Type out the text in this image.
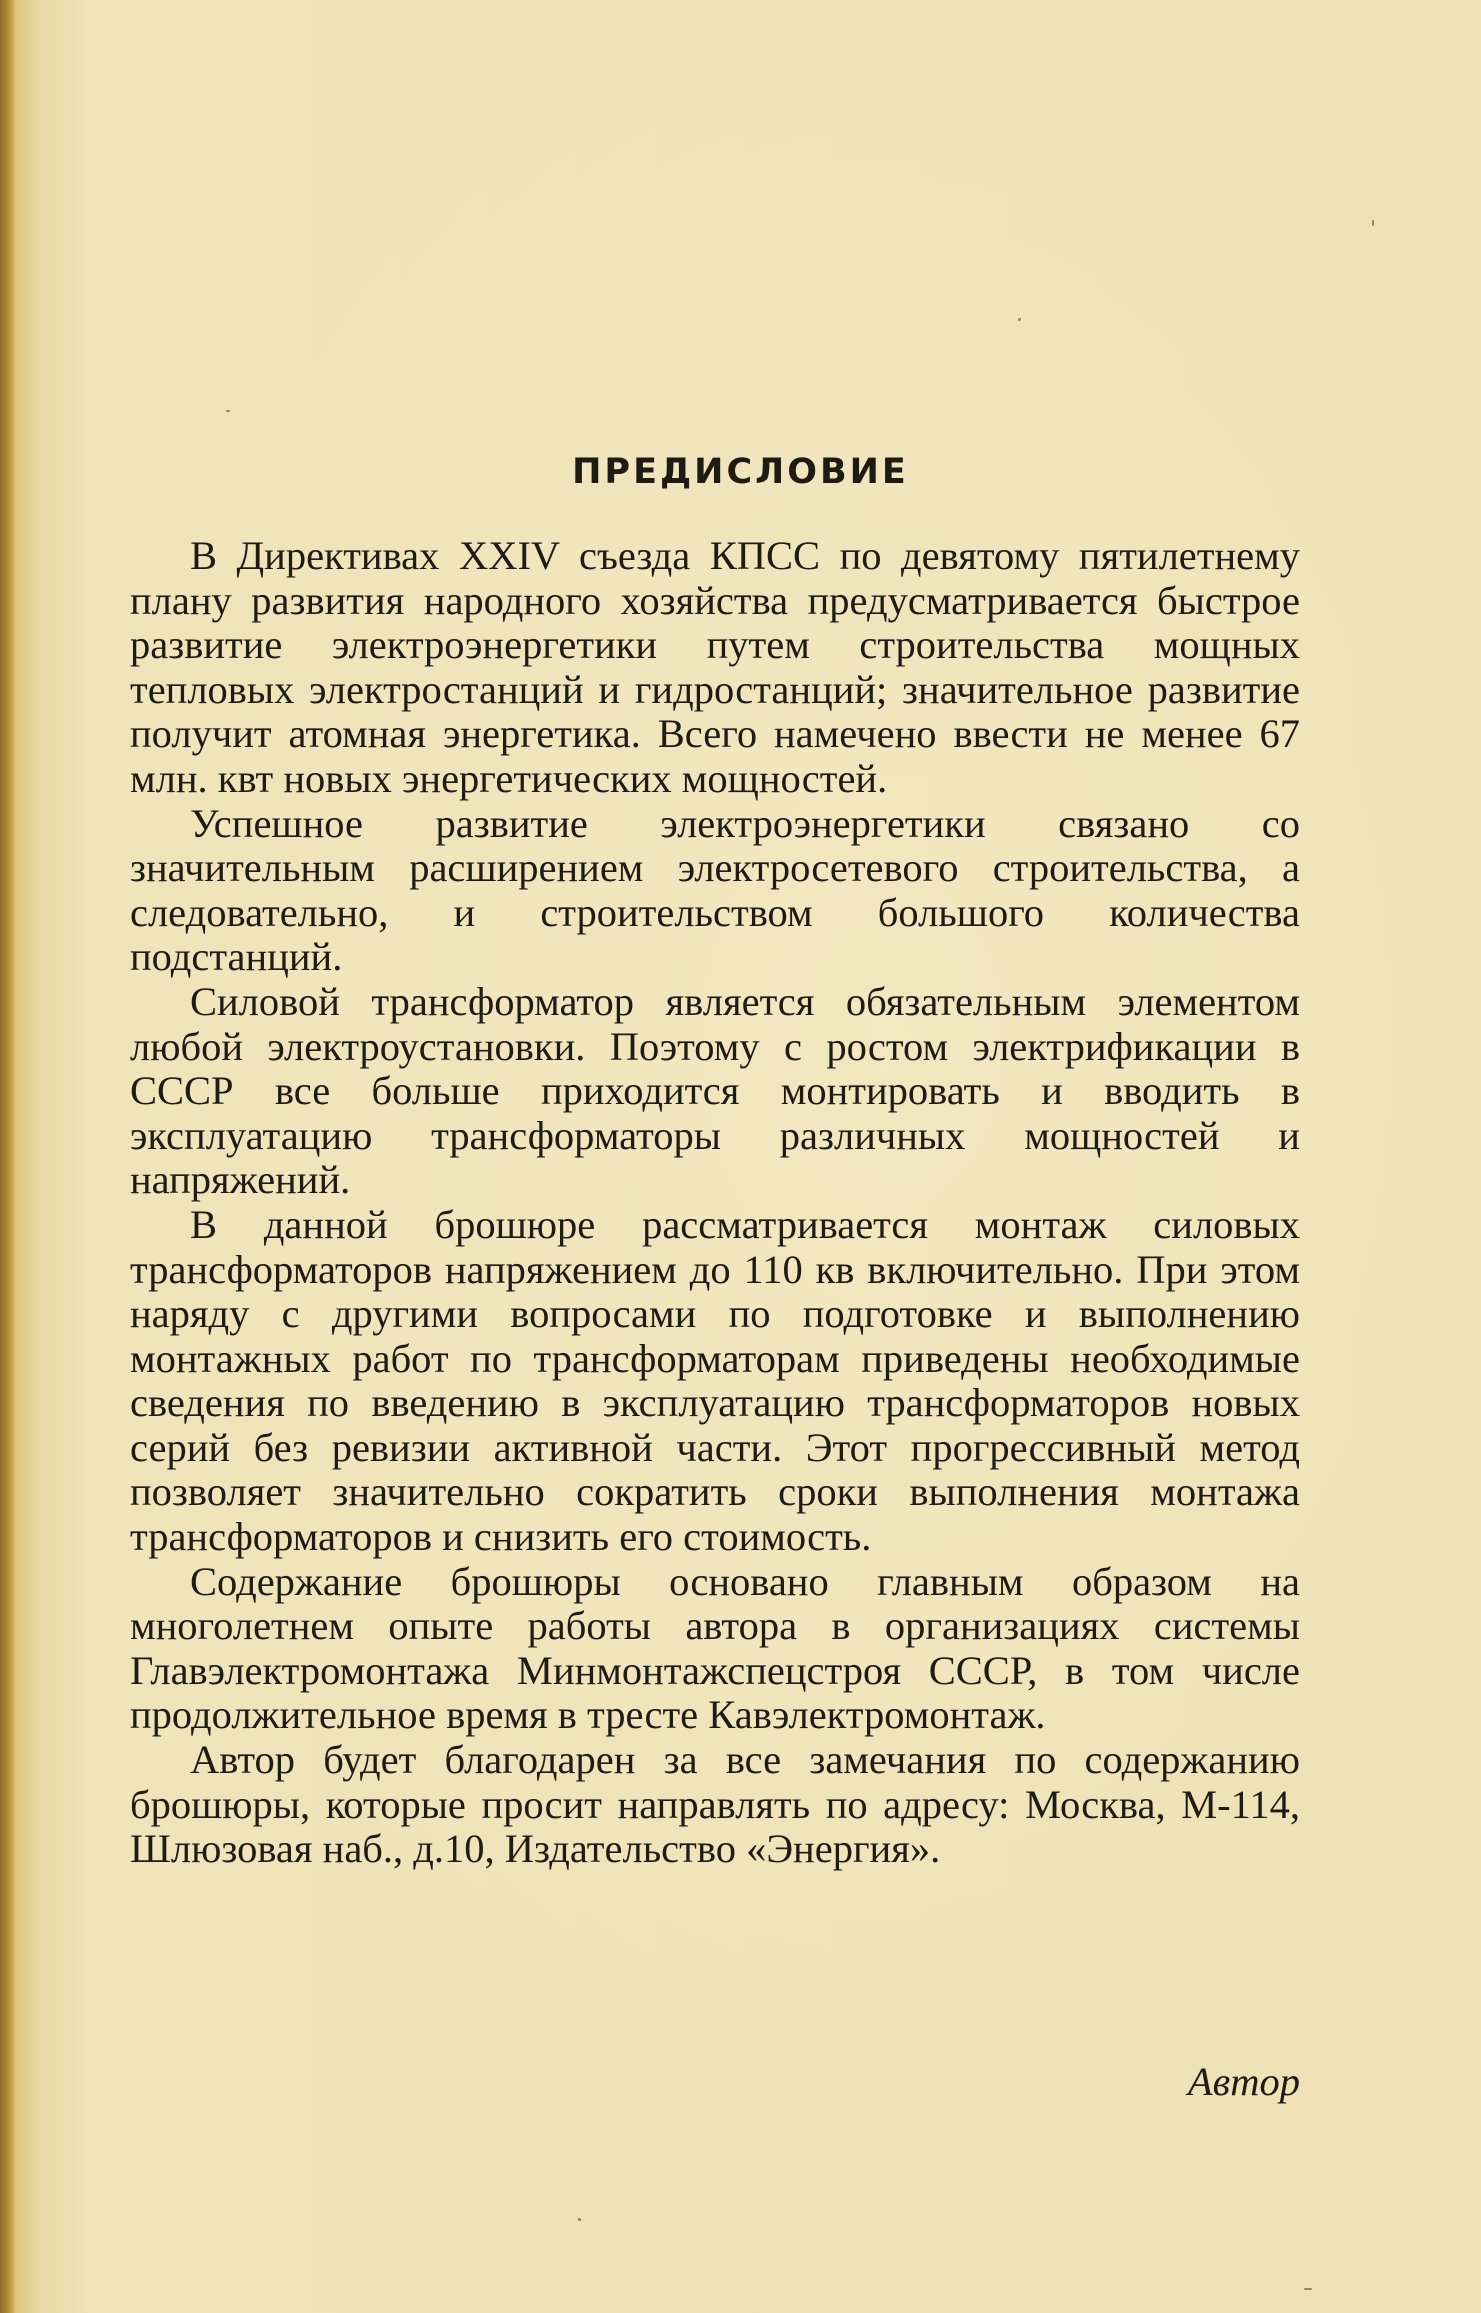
ПРЕДИСЛОВИЕ

В Директивах XXIV съезда КПСС по девятому пятилетнему плану развития народного хозяйства предусматривается быстрое развитие электроэнергетики путем строительства мощных тепловых электростанций и гидростанций; значительное развитие получит атомная энергетика. Всего намечено ввести не менее 67 млн. квт новых энергетических мощностей.

Успешное развитие электроэнергетики связано со значительным расширением электросетевого строительства, а следовательно, и строительством большого количества подстанций.

Силовой трансформатор является обязательным элементом любой электроустановки. Поэтому с ростом электрификации в СССР все больше приходится монтировать и вводить в эксплуатацию трансформаторы различных мощностей и напряжений.

В данной брошюре рассматривается монтаж силовых трансформаторов напряжением до 110 кв включительно. При этом наряду с другими вопросами по подготовке и выполнению монтажных работ по трансформаторам приведены необходимые сведения по введению в эксплуатацию трансформаторов новых серий без ревизии активной части. Этот прогрессивный метод позволяет значительно сократить сроки выполнения монтажа трансформаторов и снизить его стоимость.

Содержание брошюры основано главным образом на многолетнем опыте работы автора в организациях системы Главэлектромонтажа Минмонтажспецстроя СССР, в том числе продолжительное время в тресте Кавэлектромонтаж.

Автор будет благодарен за все замечания по содержанию брошюры, которые просит направлять по адресу: Москва, М-114, Шлюзовая наб., д.10, Издательство «Энергия».

Автор
